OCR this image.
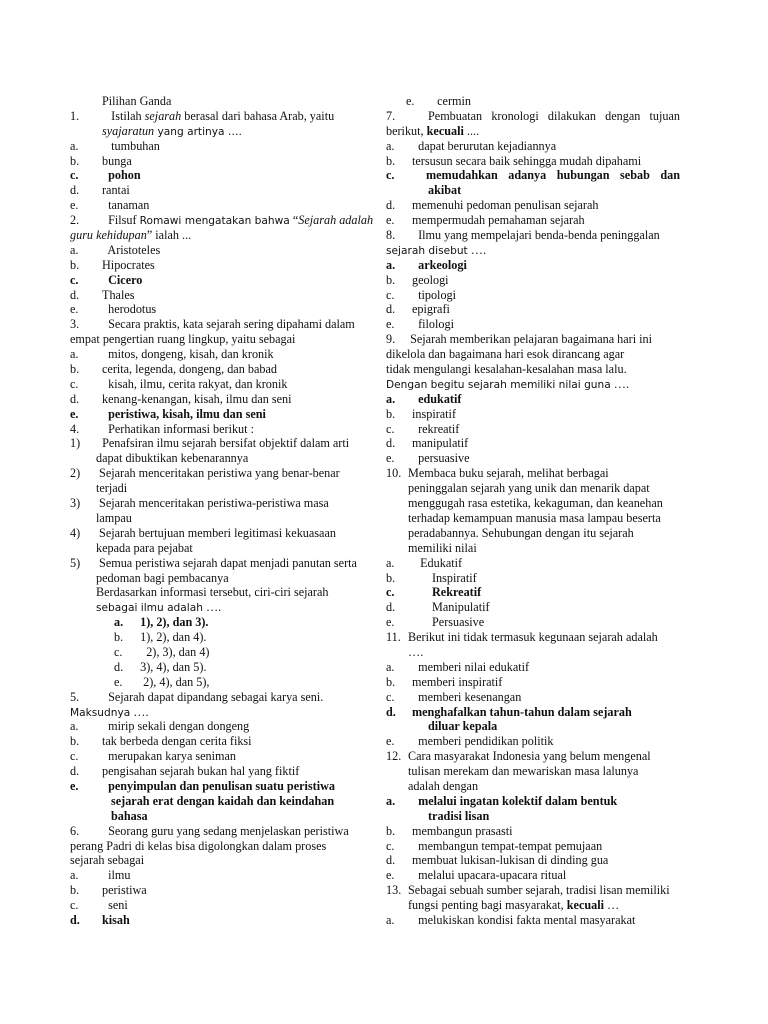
Pilihan Ganda
1.	Istilah sejarah berasal dari bahasa Arab, yaitu
syajaratun yang artinya ….
a.	tumbuhan
b.	bunga
c.	pohon
d.	rantai
e.	tanaman
2.	Filsuf Romawi mengatakan bahwa “ Sejarah adalah
guru kehidupan ” ialah ...
a.	Aristoteles
b.	Hipocrates
c.	Cicero
d.	Thales
e.	herodotus
3.	Secara praktis, kata sejarah sering dipahami dalam
empat pengertian ruang lingkup, yaitu sebagai
a.	mitos, dongeng, kisah, dan kronik
b.	cerita, legenda, dongeng, dan babad
c.	kisah, ilmu, cerita rakyat, dan kronik
d.	kenang-kenangan, kisah, ilmu dan seni
e.	peristiwa, kisah, ilmu dan seni
4.	Perhatikan informasi berikut :
1)	Penafsiran ilmu sejarah bersifat objektif dalam arti
dapat dibuktikan kebenarannya
2)	Sejarah menceritakan peristiwa yang benar-benar
terjadi
3)	Sejarah menceritakan peristiwa-peristiwa masa
lampau
4)	Sejarah bertujuan memberi legitimasi kekuasaan
kepada para pejabat
5)	Semua peristiwa sejarah dapat menjadi panutan serta
pedoman bagi pembacanya
Berdasarkan informasi tersebut, ciri-ciri sejarah
sebagai ilmu adalah ….
a. 1), 2), dan 3).
b. 1), 2), dan 4).
c. 2), 3), dan 4)
d. 3), 4), dan 5).
e. 2), 4), dan 5),
5.	Sejarah dapat dipandang sebagai karya seni.
Maksudnya ….
a.	mirip sekali dengan dongeng
b.	tak berbeda dengan cerita fiksi
c.	merupakan karya seniman
d.	pengisahan sejarah bukan hal yang fiktif
e.	penyimpulan dan penulisan suatu peristiwa
sejarah erat dengan kaidah dan keindahan
bahasa
6.	Seorang guru yang sedang menjelaskan peristiwa
perang Padri di kelas bisa digolongkan dalam proses
sejarah sebagai
a.	ilmu
b.	peristiwa
c.	seni
d.	kisah
e.	cermin
7.	Pembuatan kronologi dilakukan dengan tujuan
berikut, kecuali ....
a.	dapat berurutan kejadiannya
b.	tersusun secara baik sehingga mudah dipahami
c.	memudahkan adanya hubungan sebab dan
akibat
d.	memenuhi pedoman penulisan sejarah
e.	mempermudah pemahaman sejarah
8.	Ilmu yang mempelajari benda-benda peninggalan
sejarah disebut ….
a.	arkeologi
b.	geologi
c.	tipologi
d.	epigrafi
e.	filologi
9. Sejarah memberikan pelajaran bagaimana hari ini
dikelola dan bagaimana hari esok dirancang agar
tidak mengulangi kesalahan-kesalahan masa lalu.
Dengan begitu sejarah memiliki nilai guna ….
a.	edukatif
b.	inspiratif
c.	rekreatif
d.	manipulatif
e.	persuasive
10. Membaca buku sejarah, melihat berbagai
peninggalan sejarah yang unik dan menarik dapat
menggugah rasa estetika, kekaguman, dan keanehan
terhadap kemampuan manusia masa lampau beserta
peradabannya. Sehubungan dengan itu sejarah
memiliki nilai
a.	Edukatif
b.	Inspiratif
c.	Rekreatif
d.	Manipulatif
e.	Persuasive
11. Berikut ini tidak termasuk kegunaan sejarah adalah
….
a.	memberi nilai edukatif
b.	memberi inspiratif
c.	memberi kesenangan
d.	menghafalkan tahun-tahun dalam sejarah
diluar kepala
e.	memberi pendidikan politik
12. Cara masyarakat Indonesia yang belum mengenal
tulisan merekam dan mewariskan masa lalunya
adalah dengan
a.	melalui ingatan kolektif dalam bentuk
tradisi lisan
b.	membangun prasasti
c.	membangun tempat-tempat pemujaan
d.	membuat lukisan-lukisan di dinding gua
e.	melalui upacara-upacara ritual
13. Sebagai sebuah sumber sejarah, tradisi lisan memiliki
fungsi penting bagi masyarakat, kecuali …
a.	melukiskan kondisi fakta mental masyarakat
